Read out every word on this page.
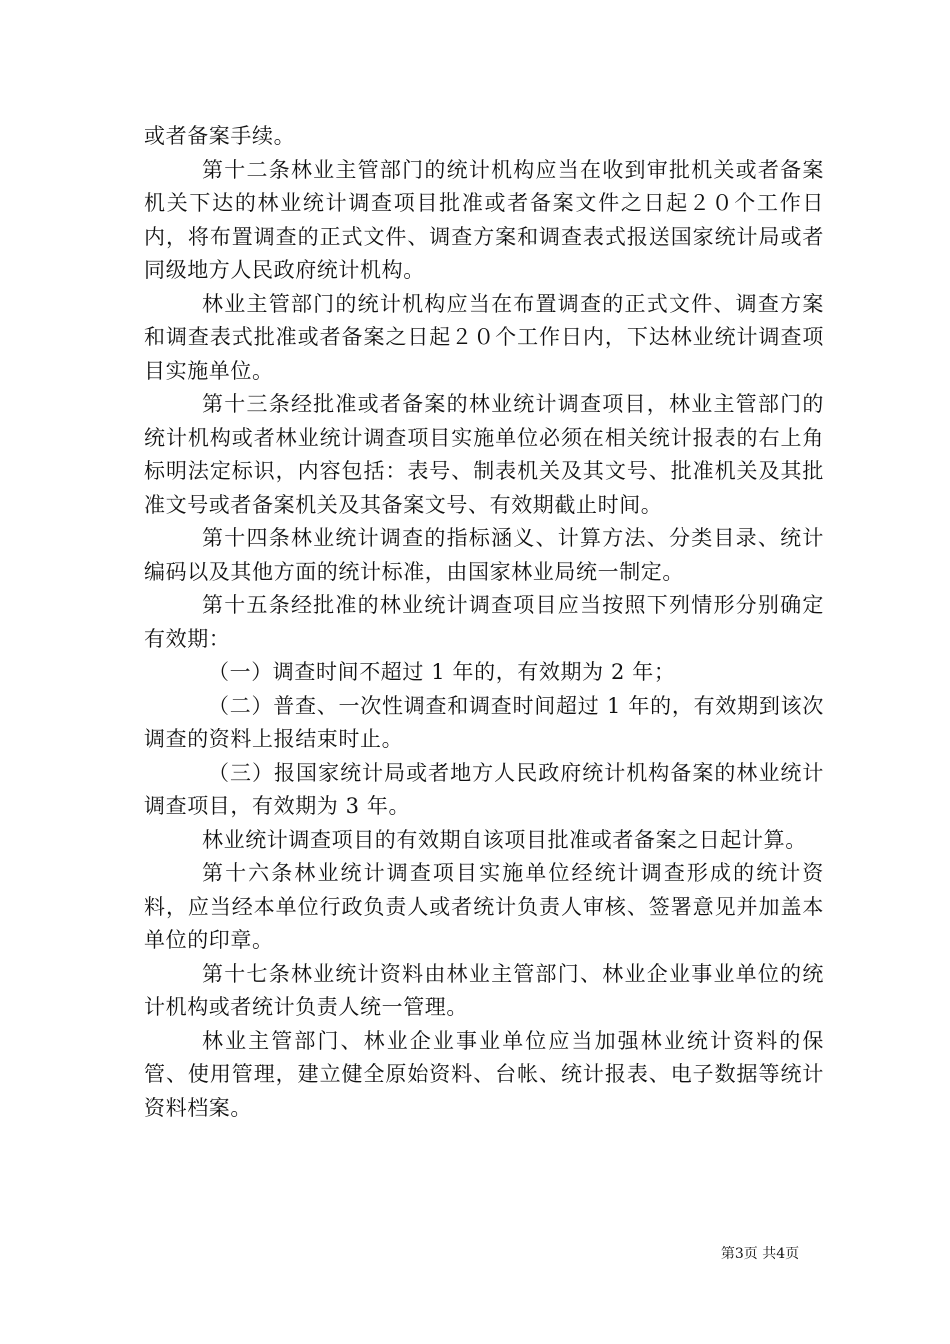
或者备案手续。

第十二条林业主管部门的统计机构应当在收到审批机关或者备案机关下达的林业统计调查项目批准或者备案文件之日起２０个工作日内，将布置调查的正式文件、调查方案和调查表式报送国家统计局或者同级地方人民政府统计机构。

林业主管部门的统计机构应当在布置调查的正式文件、调查方案和调查表式批准或者备案之日起２０个工作日内，下达林业统计调查项目实施单位。

第十三条经批准或者备案的林业统计调查项目，林业主管部门的统计机构或者林业统计调查项目实施单位必须在相关统计报表的右上角标明法定标识，内容包括：表号、制表机关及其文号、批准机关及其批准文号或者备案机关及其备案文号、有效期截止时间。

第十四条林业统计调查的指标涵义、计算方法、分类目录、统计编码以及其他方面的统计标准，由国家林业局统一制定。

第十五条经批准的林业统计调查项目应当按照下列情形分别确定有效期：

（一）调查时间不超过 1 年的，有效期为 2 年；

（二）普查、一次性调查和调查时间超过 1 年的，有效期到该次调查的资料上报结束时止。

（三）报国家统计局或者地方人民政府统计机构备案的林业统计调查项目，有效期为 3 年。

林业统计调查项目的有效期自该项目批准或者备案之日起计算。

第十六条林业统计调查项目实施单位经统计调查形成的统计资料，应当经本单位行政负责人或者统计负责人审核、签署意见并加盖本单位的印章。

第十七条林业统计资料由林业主管部门、林业企业事业单位的统计机构或者统计负责人统一管理。

林业主管部门、林业企业事业单位应当加强林业统计资料的保管、使用管理，建立健全原始资料、台帐、统计报表、电子数据等统计资料档案。

第3页 共4页
